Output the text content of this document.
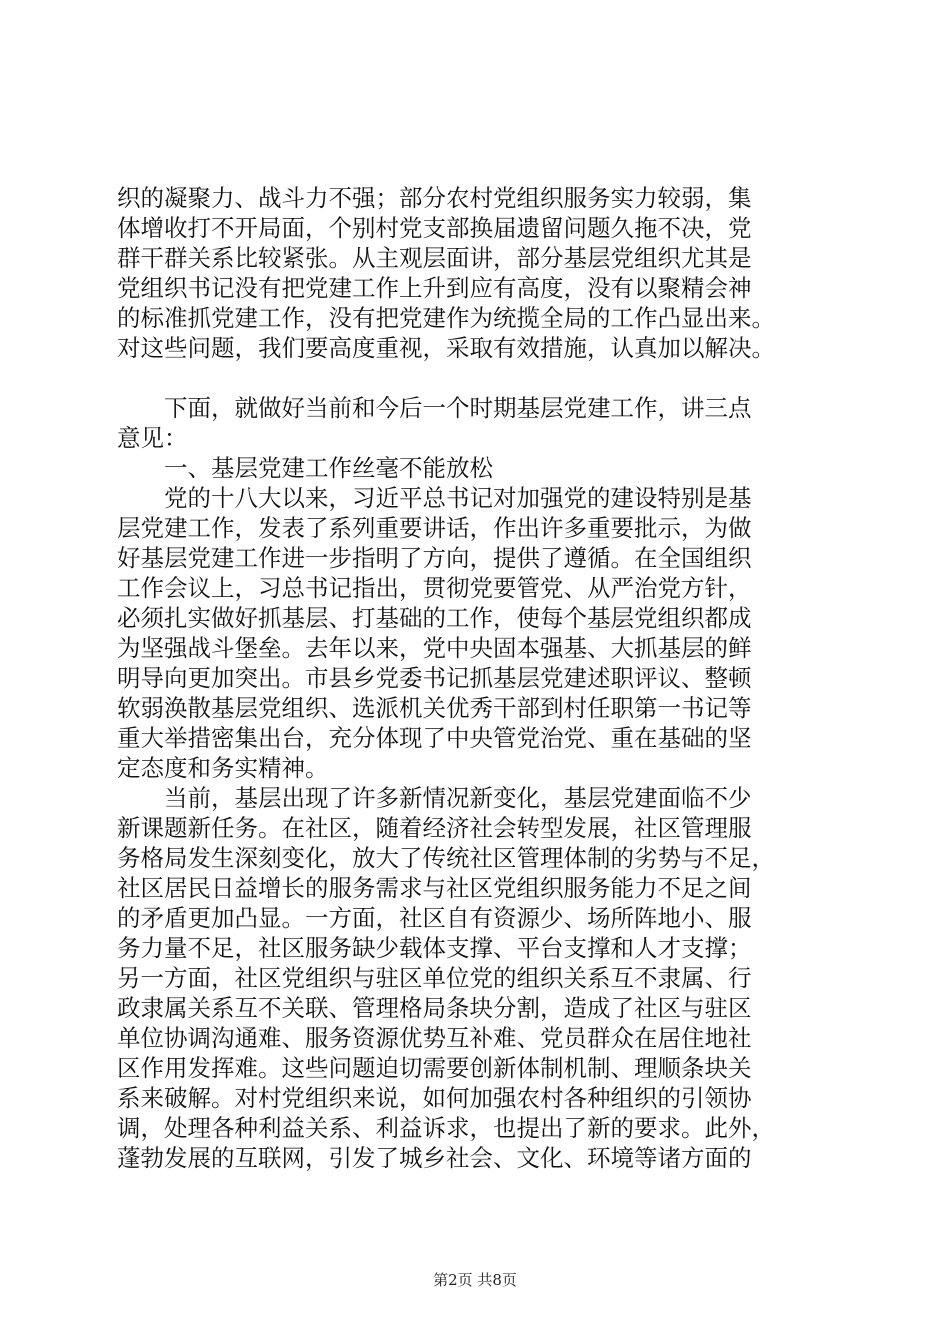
织的凝聚力、战斗力不强；部分农村党组织服务实力较弱，集
体增收打不开局面，个别村党支部换届遗留问题久拖不决，党
群干群关系比较紧张。从主观层面讲，部分基层党组织尤其是
党组织书记没有把党建工作上升到应有高度，没有以聚精会神
的标准抓党建工作，没有把党建作为统揽全局的工作凸显出来。
对这些问题，我们要高度重视，采取有效措施，认真加以解决。
　　下面，就做好当前和今后一个时期基层党建工作，讲三点
意见：
　　一、基层党建工作丝毫不能放松
　　党的十八大以来，习近平总书记对加强党的建设特别是基
层党建工作，发表了系列重要讲话，作出许多重要批示，为做
好基层党建工作进一步指明了方向，提供了遵循。在全国组织
工作会议上，习总书记指出，贯彻党要管党、从严治党方针，
必须扎实做好抓基层、打基础的工作，使每个基层党组织都成
为坚强战斗堡垒。去年以来，党中央固本强基、大抓基层的鲜
明导向更加突出。市县乡党委书记抓基层党建述职评议、整顿
软弱涣散基层党组织、选派机关优秀干部到村任职第一书记等
重大举措密集出台，充分体现了中央管党治党、重在基础的坚
定态度和务实精神。
　　当前，基层出现了许多新情况新变化，基层党建面临不少
新课题新任务。在社区，随着经济社会转型发展，社区管理服
务格局发生深刻变化，放大了传统社区管理体制的劣势与不足，
社区居民日益增长的服务需求与社区党组织服务能力不足之间
的矛盾更加凸显。一方面，社区自有资源少、场所阵地小、服
务力量不足，社区服务缺少载体支撑、平台支撑和人才支撑；
另一方面，社区党组织与驻区单位党的组织关系互不隶属、行
政隶属关系互不关联、管理格局条块分割，造成了社区与驻区
单位协调沟通难、服务资源优势互补难、党员群众在居住地社
区作用发挥难。这些问题迫切需要创新体制机制、理顺条块关
系来破解。对村党组织来说，如何加强农村各种组织的引领协
调，处理各种利益关系、利益诉求，也提出了新的要求。此外，
蓬勃发展的互联网，引发了城乡社会、文化、环境等诸方面的
第2页 共8页
